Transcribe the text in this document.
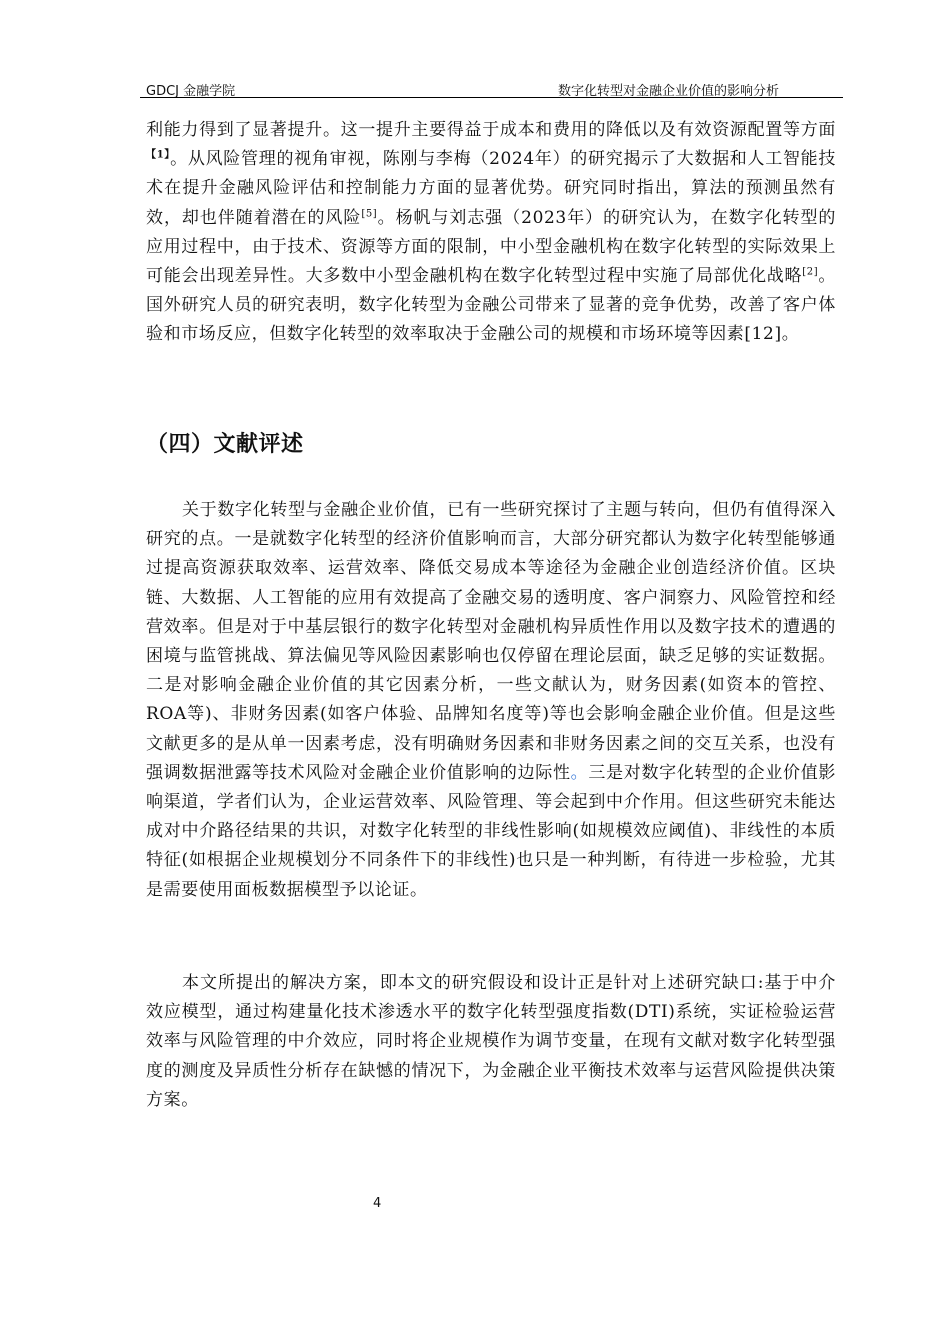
GDCJ 金融学院	数字化转型对金融企业价值的影响分析
利能力得到了显著提升。这一提升主要得益于成本和费用的降低以及有效资源配置等方面$^{【1】}$。从风险管理的视角审视，陈刚与李梅（2024年）的研究揭示了大数据和人工智能技术在提升金融风险评估和控制能力方面的显著优势。研究同时指出，算法的预测虽然有效，却也伴随着潜在的风险[5]。杨帆与刘志强（2023年）的研究认为，在数字化转型的应用过程中，由于技术、资源等方面的限制，中小型金融机构在数字化转型的实际效果上可能会出现差异性。大多数中小型金融机构在数字化转型过程中实施了局部优化战略[2]。国外研究人员的研究表明，数字化转型为金融公司带来了显著的竞争优势，改善了客户体验和市场反应，但数字化转型的效率取决于金融公司的规模和市场环境等因素[12]。
（四）文献评述
关于数字化转型与金融企业价值，已有一些研究探讨了主题与转向，但仍有值得深入研究的点。一是就数字化转型的经济价值影响而言，大部分研究都认为数字化转型能够通过提高资源获取效率、运营效率、降低交易成本等途径为金融企业创造经济价值。区块链、大数据、人工智能的应用有效提高了金融交易的透明度、客户洞察力、风险管控和经营效率。但是对于中基层银行的数字化转型对金融机构异质性作用以及数字技术的遭遇的困境与监管挑战、算法偏见等风险因素影响也仅停留在理论层面，缺乏足够的实证数据。二是对影响金融企业价值的其它因素分析，一些文献认为，财务因素(如资本的管控、ROA等)、非财务因素(如客户体验、品牌知名度等)等也会影响金融企业价值。但是这些文献更多的是从单一因素考虑，没有明确财务因素和非财务因素之间的交互关系，也没有强调数据泄露等技术风险对金融企业价值影响的边际性。三是对数字化转型的企业价值影响渠道，学者们认为，企业运营效率、风险管理、等会起到中介作用。但这些研究未能达成对中介路径结果的共识，对数字化转型的非线性影响(如规模效应阈值)、非线性的本质特征(如根据企业规模划分不同条件下的非线性)也只是一种判断，有待进一步检验，尤其是需要使用面板数据模型予以论证。
本文所提出的解决方案，即本文的研究假设和设计正是针对上述研究缺口:基于中介效应模型，通过构建量化技术渗透水平的数字化转型强度指数(DTI)系统，实证检验运营效率与风险管理的中介效应，同时将企业规模作为调节变量，在现有文献对数字化转型强度的测度及异质性分析存在缺憾的情况下，为金融企业平衡技术效率与运营风险提供决策方案。
4
